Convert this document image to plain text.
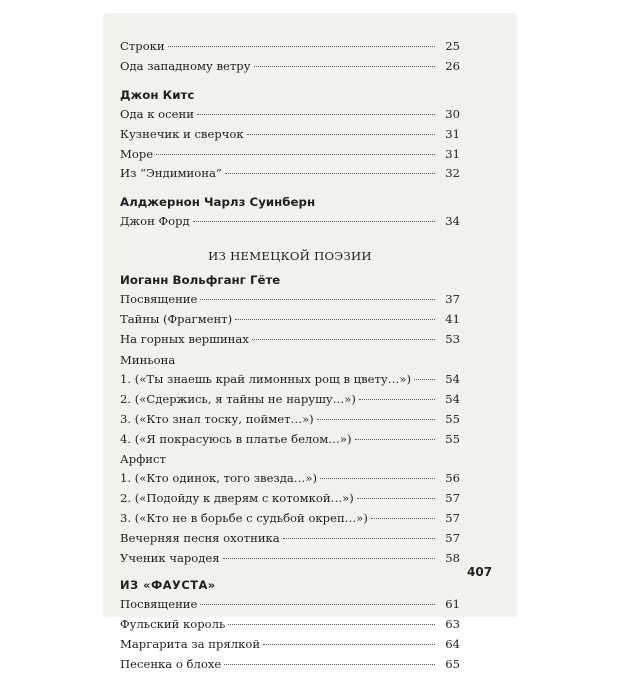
Строки	25
Ода западному ветру	26
Джон Китс
Ода к осени	30
Кузнечик и сверчок	31
Море	31
Из “Эндимиона”	32
Алджернон Чарлз Суинберн
Джон Форд	34
ИЗ НЕМЕЦКОЙ ПОЭЗИИ
Иоганн Вольфганг Гёте
Посвящение	37
Тайны (Фрагмент)	41
На горных вершинах	53
Миньона
1. («Ты знаешь край лимонных рощ в цвету…»)	54
2. («Сдержись, я тайны не нарушу…»)	54
3. («Кто знал тоску, поймет…»)	55
4. («Я покрасуюсь в платье белом…»)	55
Арфист
1. («Кто одинок, того звезда…»)	56
2. («Подойду к дверям с котомкой…»)	57
3. («Кто не в борьбе с судьбой окреп…»)	57
Вечерняя песня охотника	57
Ученик чародея	58
ИЗ «ФАУСТА»
Посвящение	61
Фульский король	63
Маргарита за прялкой	64
Песенка о блохе	65
407
